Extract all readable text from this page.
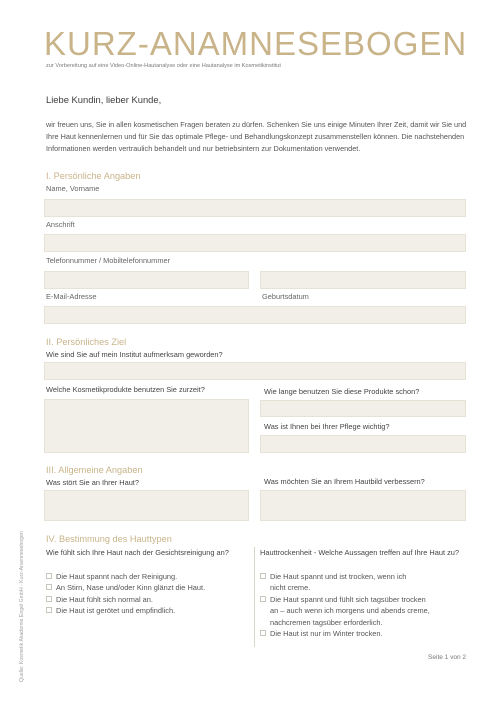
KURZ-ANAMNESEBOGEN
zur Vorbereitung auf eine Video-Online-Hautanalyse oder eine Hautanalyse im Kosmetikinstitut
Liebe Kundin, lieber Kunde,
wir freuen uns, Sie in allen kosmetischen Fragen beraten zu dürfen. Schenken Sie uns einige Minuten Ihrer Zeit, damit wir Sie und Ihre Haut kennenlernen und für Sie das optimale Pflege- und Behandlungskonzept zusammenstellen können. Die nachstehenden Informationen werden vertraulich behandelt und nur betriebsintern zur Dokumentation verwendet.
I. Persönliche Angaben
Name, Vorname
Anschrift
Telefonnummer / Mobiltelefonnummer
E-Mail-Adresse	Geburtsdatum
II. Persönliches Ziel
Wie sind Sie auf mein Institut aufmerksam geworden?
Welche Kosmetikprodukte benutzen Sie zurzeit?	Wie lange benutzen Sie diese Produkte schon?
Was ist Ihnen bei Ihrer Pflege wichtig?
III. Allgemeine Angaben
Was stört Sie an Ihrer Haut?	Was möchten Sie an Ihrem Hautbild verbessern?
IV. Bestimmung des Hauttypen
Wie fühlt sich Ihre Haut nach der Gesichtsreinigung an?
Die Haut spannt nach der Reinigung.
An Stirn, Nase und/oder Kinn glänzt die Haut.
Die Haut fühlt sich normal an.
Die Haut ist gerötet und empfindlich.
Hauttrockenheit - Welche Aussagen treffen auf Ihre Haut zu?
Die Haut spannt und ist trocken, wenn ich
nicht creme.
Die Haut spannt und fühlt sich tagsüber trocken
an – auch wenn ich morgens und abends creme,
nachcremen tagsüber erforderlich.
Die Haut ist nur im Winter trocken.
Seite 1 von 2
Quelle: Kosmetik Akademie Engel GmbH - Kurz-Anamnesebogen
